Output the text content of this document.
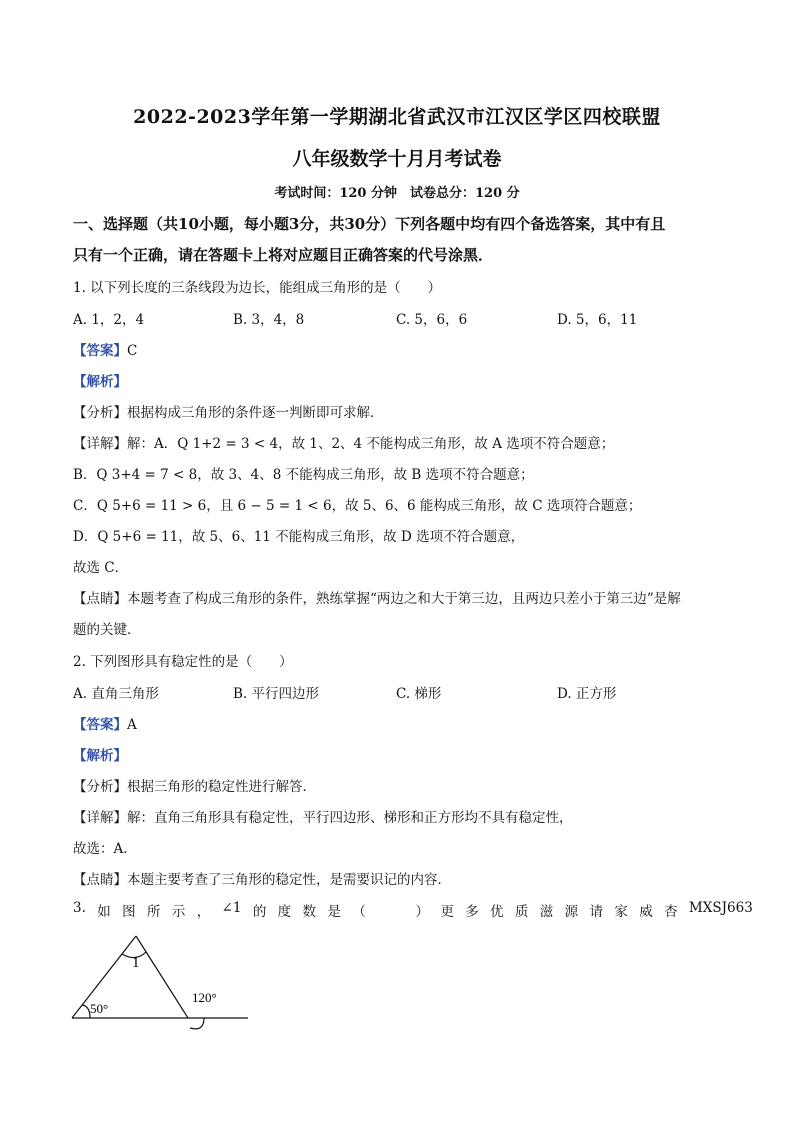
2022-2023学年第一学期湖北省武汉市江汉区学区四校联盟
八年级数学十月月考试卷
考试时间：120 分钟　试卷总分：120 分
一、选择题（共10小题，每小题3分，共30分）下列各题中均有四个备选答案，其中有且
只有一个正确，请在答题卡上将对应题目正确答案的代号涂黑．
1. 以下列长度的三条线段为边长，能组成三角形的是（　　）
A. 1，2，4	B. 3，4，8	C. 5，6，6	D. 5，6，11
【答案】C
【解析】
【分析】根据构成三角形的条件逐一判断即可求解．
【详解】解：A．Q 1+2 = 3 < 4，故 1、2、4 不能构成三角形，故 A 选项不符合题意；
B．Q 3+4 = 7 < 8，故 3、4、8 不能构成三角形，故 B 选项不符合题意；
C．Q 5+6 = 11 > 6，且 6 − 5 = 1 < 6，故 5、6、6 能构成三角形，故 C 选项符合题意；
D．Q 5+6 = 11，故 5、6、11 不能构成三角形，故 D 选项不符合题意，
故选 C．
【点睛】本题考查了构成三角形的条件，熟练掌握“两边之和大于第三边，且两边只差小于第三边”是解
题的关键．
2. 下列图形具有稳定性的是（　　）
A. 直角三角形	B. 平行四边形	C. 梯形	D. 正方形
【答案】A
【解析】
【分析】根据三角形的稳定性进行解答．
【详解】解：直角三角形具有稳定性，平行四边形、梯形和正方形均不具有稳定性，
故选：A．
【点睛】本题主要考查了三角形的稳定性，是需要识记的内容．
3. 如 图 所 示 ， ∠1 的 度 数 是 （
　　	） 更 多 优 质 滋 源 请 家 威 杏 MXSJ663
1
50°
120°
